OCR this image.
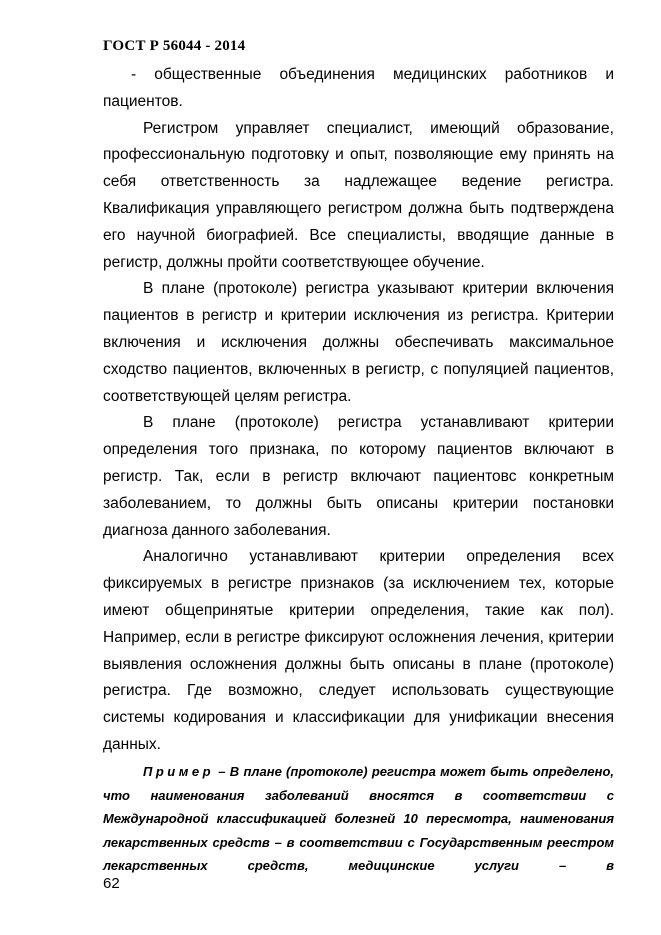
ГОСТ Р 56044 - 2014

- общественные объединения медицинских работников и пациентов.

Регистром управляет специалист, имеющий образование, профессиональную подготовку и опыт, позволяющие ему принять на себя ответственность за надлежащее ведение регистра. Квалификация управляющего регистром должна быть подтверждена его научной биографией. Все специалисты, вводящие данные в регистр, должны пройти соответствующее обучение.

В плане (протоколе) регистра указывают критерии включения пациентов в регистр и критерии исключения из регистра. Критерии включения и исключения должны обеспечивать максимальное сходство пациентов, включенных в регистр, с популяцией пациентов, соответствующей целям регистра.

В плане (протоколе) регистра устанавливают критерии определения того признака, по которому пациентов включают в регистр. Так, если в регистр включают пациентовс конкретным заболеванием, то должны быть описаны критерии постановки диагноза данного заболевания.

Аналогично устанавливают критерии определения всех фиксируемых в регистре признаков (за исключением тех, которые имеют общепринятые критерии определения, такие как пол). Например, если в регистре фиксируют осложнения лечения, критерии выявления осложнения должны быть описаны в плане (протоколе) регистра. Где возможно, следует использовать существующие системы кодирования и классификации для унификации внесения данных.

Пример – В плане (протоколе) регистра может быть определено, что наименования заболеваний вносятся в соответствии с Международной классификацией болезней 10 пересмотра, наименования лекарственных средств – в соответствии с Государственным реестром лекарственных средств, медицинские услуги – в

62
